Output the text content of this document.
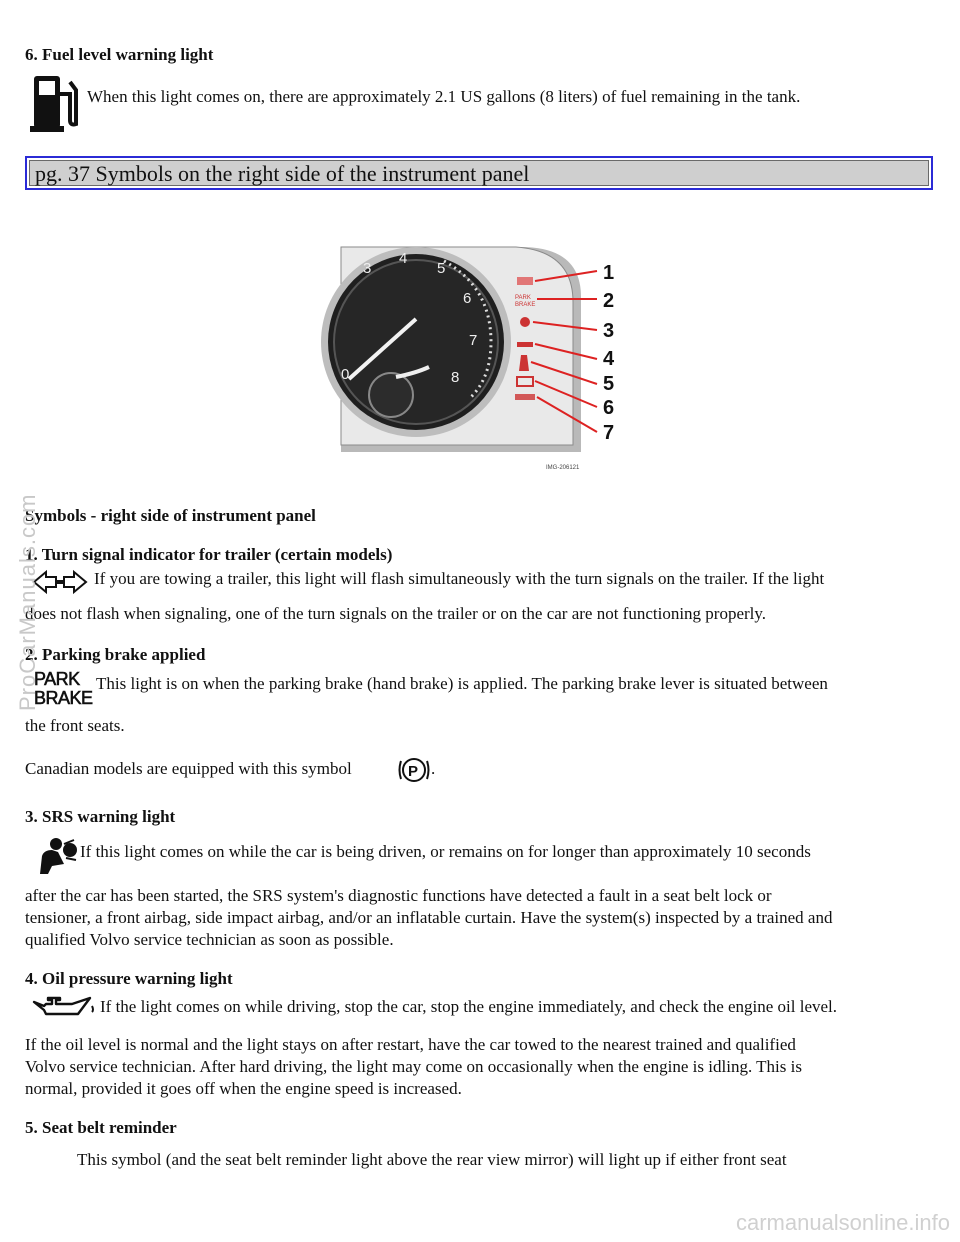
6. Fuel level warning light
When this light comes on, there are approximately 2.1 US gallons (8 liters) of fuel remaining in the tank.
pg. 37 Symbols on the right side of the instrument panel
3
4
5
6
7
8
0
PARK
BRAKE
1
2
3
4
5
6
7
IMG-206121
Symbols - right side of instrument panel
1. Turn signal indicator for trailer (certain models)
If you are towing a trailer, this light will flash simultaneously with the turn signals on the trailer. If the light
does not flash when signaling, one of the turn signals on the trailer or on the car are not functioning properly.
2. Parking brake applied
PARK
BRAKE
This light is on when the parking brake (hand brake) is applied. The parking brake lever is situated between
the front seats.
Canadian models are equipped with this symbol	P .
3. SRS warning light
If this light comes on while the car is being driven, or remains on for longer than approximately 10 seconds
after the car has been started, the SRS system's diagnostic functions have detected a fault in a seat belt lock or
tensioner, a front airbag, side impact airbag, and/or an inflatable curtain. Have the system(s) inspected by a trained and
qualified Volvo service technician as soon as possible.
4. Oil pressure warning light
If the light comes on while driving, stop the car, stop the engine immediately, and check the engine oil level.
If the oil level is normal and the light stays on after restart, have the car towed to the nearest trained and qualified
Volvo service technician. After hard driving, the light may come on occasionally when the engine is idling. This is
normal, provided it goes off when the engine speed is increased.
5. Seat belt reminder
This symbol (and the seat belt reminder light above the rear view mirror) will light up if either front seat
ProCarManuals.com
carmanualsonline.info
